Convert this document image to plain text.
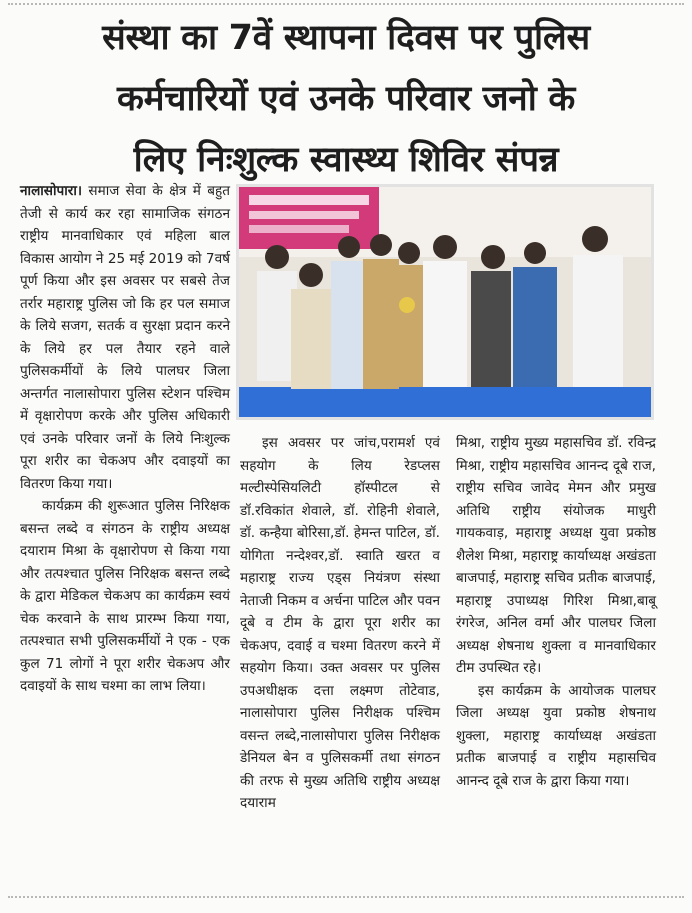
संस्था का 7वें स्थापना दिवस पर पुलिस
कर्मचारियों एवं उनके परिवार जनो के
लिए निःशुल्क स्वास्थ्य शिविर संपन्न

नालासोपारा। समाज सेवा के क्षेत्र में बहुत तेजी से कार्य कर रहा सामाजिक संगठन राष्ट्रीय मानवाधिकार एवं महिला बाल विकास आयोग ने 25 मई 2019 को 7वर्ष पूर्ण किया और इस अवसर पर सबसे तेज तर्रार महाराष्ट्र पुलिस जो कि हर पल समाज के लिये सजग, सतर्क व सुरक्षा प्रदान करने के लिये हर पल तैयार रहने वाले पुलिसकर्मीयों के लिये पालघर जिला अन्तर्गत नालासोपारा पुलिस स्टेशन पश्चिम में वृक्षारोपण करके और पुलिस अधिकारी एवं उनके परिवार जनों के लिये निःशुल्क पूरा शरीर का चेकअप और दवाइयों का वितरण किया गया।

कार्यक्रम की शुरूआत पुलिस निरिक्षक बसन्त लब्दे व संगठन के राष्ट्रीय अध्यक्ष दयाराम मिश्रा के वृक्षारोपण से किया गया और तत्पश्चात पुलिस निरिक्षक बसन्त लब्दे के द्वारा मेडिकल चेकअप का कार्यक्रम स्वयं चेक करवाने के साथ प्रारम्भ किया गया, तत्पश्चात सभी पुलिसकर्मीयों ने एक - एक कुल 71 लोगों ने पूरा शरीर चेकअप और दवाइयों के साथ चश्मा का लाभ लिया।

इस अवसर पर जांच,परामर्श एवं सहयोग के लिय रेडप्लस मल्टीस्पेसियलिटी हॉस्पीटल से डॉ.रविकांत शेवाले, डॉ. रोहिनी शेवाले, डॉ. कन्हैया बोरिसा,डॉ. हेमन्त पाटिल, डॉ. योगिता नन्देश्वर,डॉ. स्वाति खरत व महाराष्ट्र राज्य एड्स नियंत्रण संस्था नेताजी निकम व अर्चना पाटिल और पवन दूबे व टीम के द्वारा पूरा शरीर का चेकअप, दवाई व चश्मा वितरण करने में सहयोग किया। उक्त अवसर पर पुलिस उपअधीक्षक दत्ता लक्ष्मण तोटेवाड, नालासोपारा पुलिस निरीक्षक पश्चिम वसन्त लब्दे,नालासोपारा पुलिस निरीक्षक डेनियल बेन व पुलिसकर्मी तथा संगठन की तरफ से मुख्य अतिथि राष्ट्रीय अध्यक्ष दयाराम

मिश्रा, राष्ट्रीय मुख्य महासचिव डॉ. रविन्द्र मिश्रा, राष्ट्रीय महासचिव आनन्द दूबे राज, राष्ट्रीय सचिव जावेद मेमन और प्रमुख अतिथि राष्ट्रीय संयोजक माधुरी गायकवाड़, महाराष्ट्र अध्यक्ष युवा प्रकोष्ठ शैलेश मिश्रा, महाराष्ट्र कार्याध्यक्ष अखंडता बाजपाई, महाराष्ट्र सचिव प्रतीक बाजपाई, महाराष्ट्र उपाध्यक्ष गिरिश मिश्रा,बाबू रंगरेज, अनिल वर्मा और पालघर जिला अध्यक्ष शेषनाथ शुक्ला व मानवाधिकार टीम उपस्थित रहे।

इस कार्यक्रम के आयोजक पालघर जिला अध्यक्ष युवा प्रकोष्ठ शेषनाथ शुक्ला, महाराष्ट्र कार्याध्यक्ष अखंडता प्रतीक बाजपाई व राष्ट्रीय महासचिव आनन्द दूबे राज के द्वारा किया गया।
